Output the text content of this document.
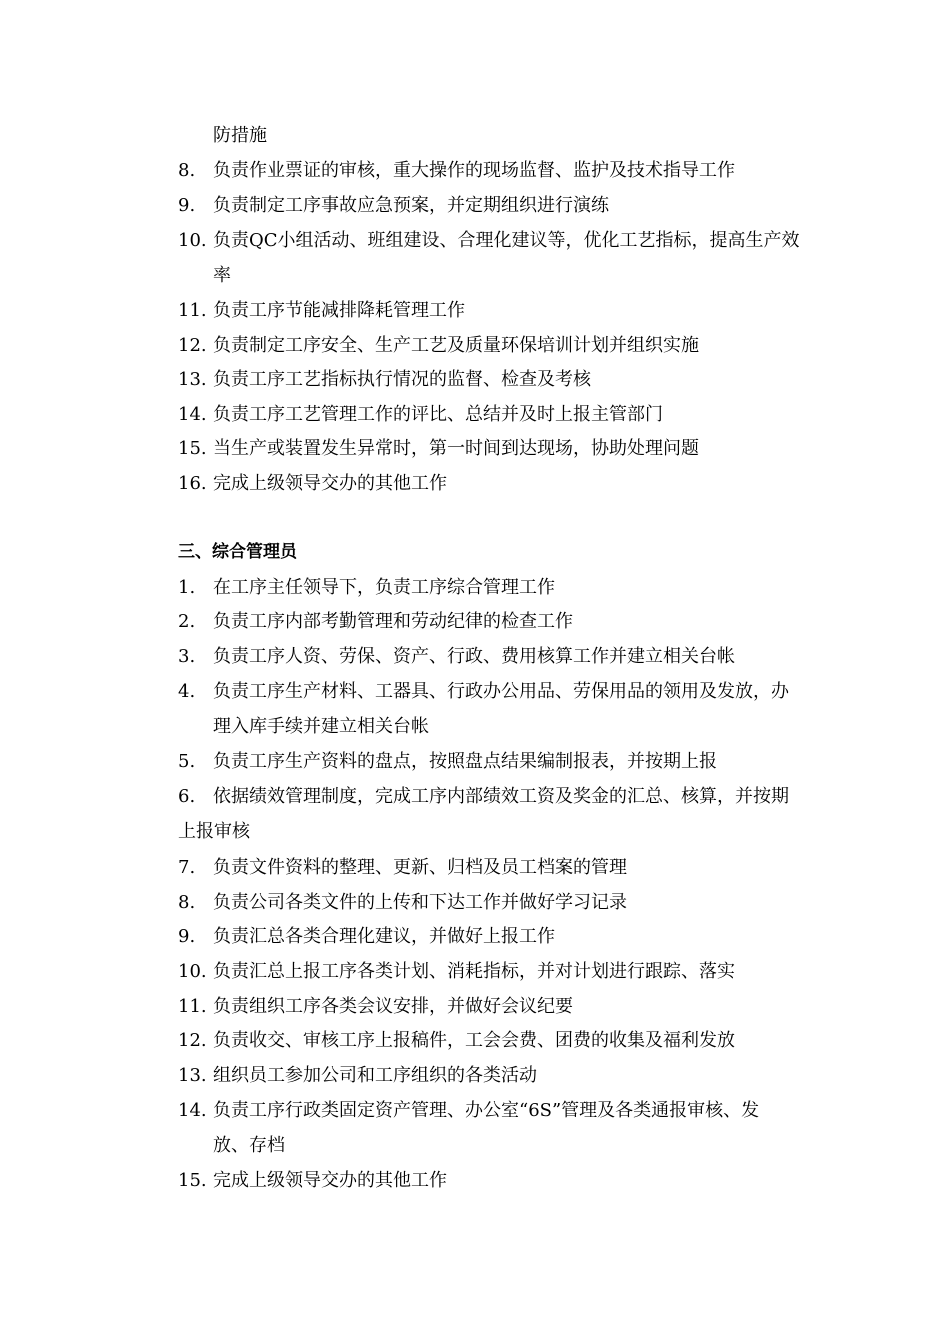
防措施
8. 负责作业票证的审核，重大操作的现场监督、监护及技术指导工作
9. 负责制定工序事故应急预案，并定期组织进行演练
10. 负责QC小组活动、班组建设、合理化建议等，优化工艺指标，提高生产效
率
11. 负责工序节能减排降耗管理工作
12. 负责制定工序安全、生产工艺及质量环保培训计划并组织实施
13. 负责工序工艺指标执行情况的监督、检查及考核
14. 负责工序工艺管理工作的评比、总结并及时上报主管部门
15. 当生产或装置发生异常时，第一时间到达现场，协助处理问题
16. 完成上级领导交办的其他工作
三、综合管理员
1. 在工序主任领导下，负责工序综合管理工作
2. 负责工序内部考勤管理和劳动纪律的检查工作
3. 负责工序人资、劳保、资产、行政、费用核算工作并建立相关台帐
4. 负责工序生产材料、工器具、行政办公用品、劳保用品的领用及发放，办
理入库手续并建立相关台帐
5. 负责工序生产资料的盘点，按照盘点结果编制报表，并按期上报
6. 依据绩效管理制度，完成工序内部绩效工资及奖金的汇总、核算，并按期
上报审核
7. 负责文件资料的整理、更新、归档及员工档案的管理
8. 负责公司各类文件的上传和下达工作并做好学习记录
9. 负责汇总各类合理化建议，并做好上报工作
10. 负责汇总上报工序各类计划、消耗指标，并对计划进行跟踪、落实
11. 负责组织工序各类会议安排，并做好会议纪要
12. 负责收交、审核工序上报稿件，工会会费、团费的收集及福利发放
13. 组织员工参加公司和工序组织的各类活动
14. 负责工序行政类固定资产管理、办公室“6S”管理及各类通报审核、发
放、存档
15. 完成上级领导交办的其他工作
